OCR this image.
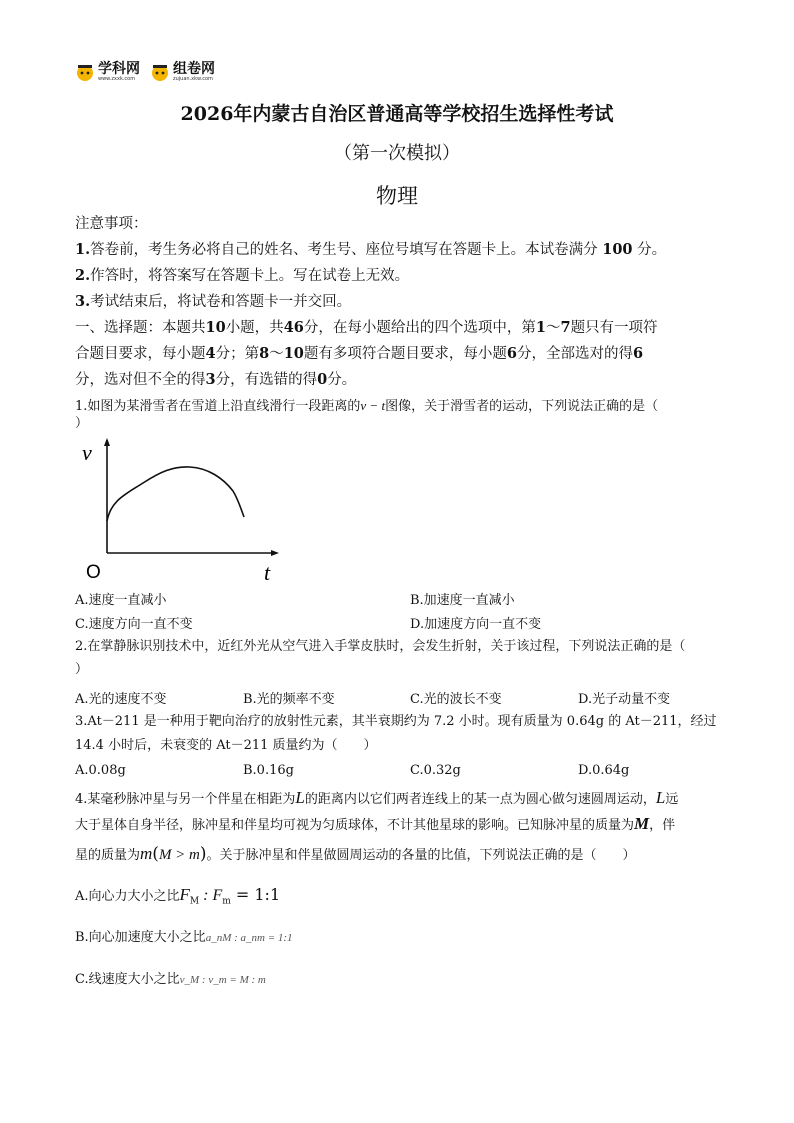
学科网
www.zxxk.com
组卷网
zujuan.xkw.com
2026年内蒙古自治区普通高等学校招生选择性考试
（第一次模拟）
物理
注意事项：
1.答卷前，考生务必将自己的姓名、考生号、座位号填写在答题卡上。本试卷满分 100 分。
2.作答时，将答案写在答题卡上。写在试卷上无效。
3.考试结束后，将试卷和答题卡一并交回。
一、选择题：本题共10小题，共46分，在每小题给出的四个选项中，第1～7题只有一项符
合题目要求，每小题4分；第8～10题有多项符合题目要求，每小题6分，全部选对的得6
分，选对但不全的得3分，有选错的得0分。
1.如图为某滑雪者在雪道上沿直线滑行一段距离的v − t图像，关于滑雪者的运动，下列说法正确的是（
）
v
t
O
A.速度一直减小	B.加速度一直减小
C.速度方向一直不变	D.加速度方向一直不变
2.在掌静脉识别技术中，近红外光从空气进入手掌皮肤时，会发生折射，关于该过程，下列说法正确的是（
）
A.光的速度不变	B.光的频率不变	C.光的波长不变	D.光子动量不变
3.At－211 是一种用于靶向治疗的放射性元素，其半衰期约为 7.2 小时。现有质量为 0.64g 的 At－211，经过
14.4 小时后，未衰变的 At－211 质量约为（　　）
A.0.08g	B.0.16g	C.0.32g	D.0.64g
4.某毫秒脉冲星与另一个伴星在相距为L的距离内以它们两者连线上的某一点为圆心做匀速圆周运动，L远
大于星体自身半径，脉冲星和伴星均可视为匀质球体，不计其他星球的影响。已知脉冲星的质量为M，伴
星的质量为m(M > m)。关于脉冲星和伴星做圆周运动的各量的比值，下列说法正确的是（　　）
A.向心力大小之比$F_M$ : $F_m$ = 1:1
B.向心加速度大小之比a_nM : a_nm = 1:1
C.线速度大小之比v_M : v_m = M : m
